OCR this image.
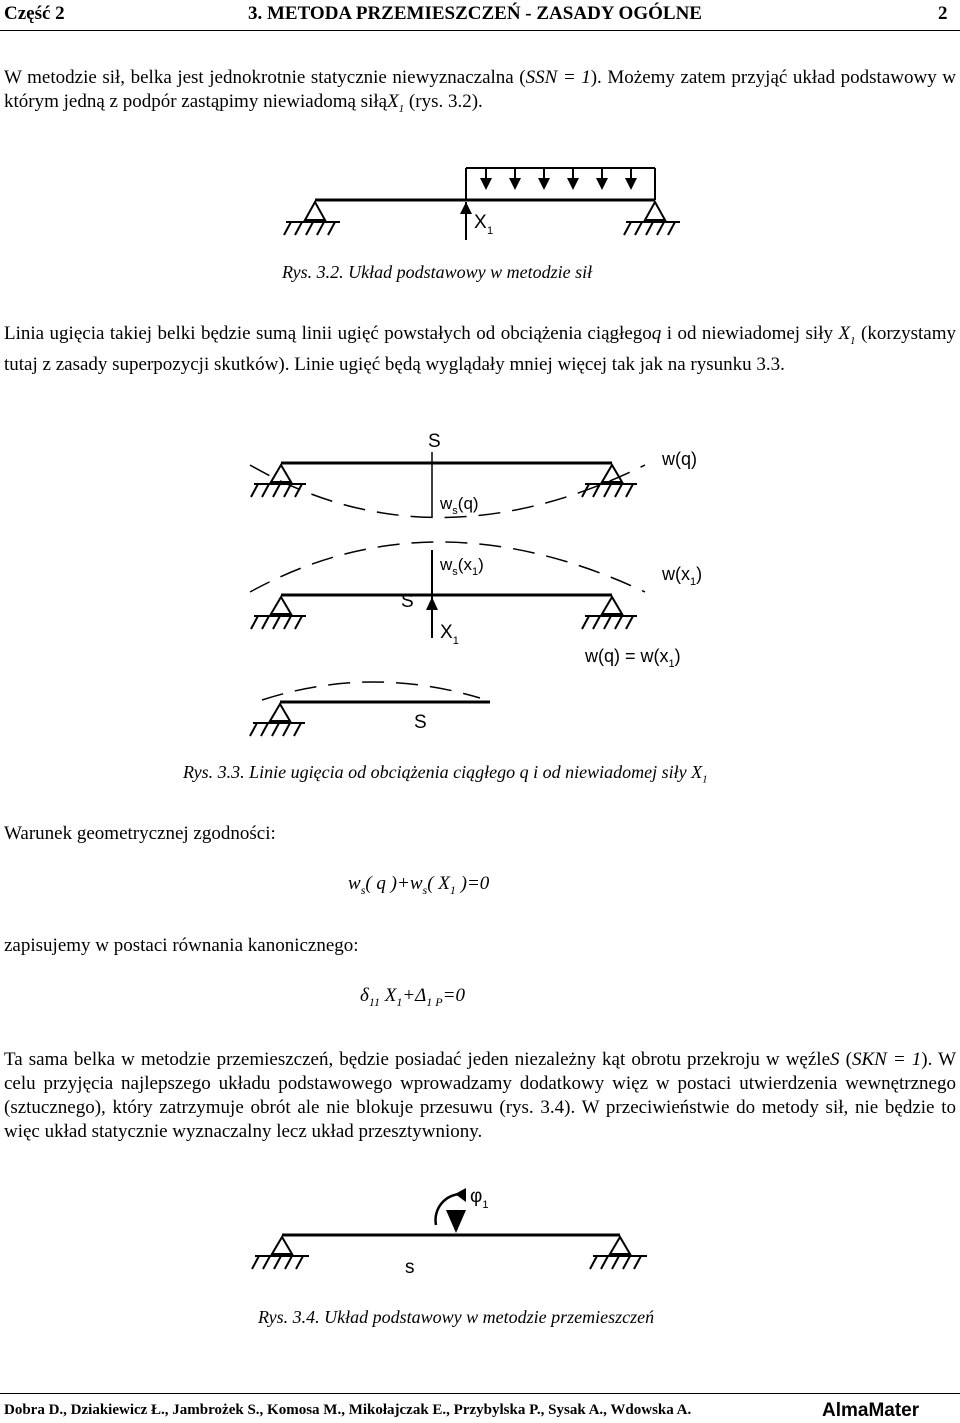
Część 2	3. METODA PRZEMIESZCZEŃ - ZASADY OGÓLNE	2
W metodzie sił, belka jest jednokrotnie statycznie niewyznaczalna (SSN = 1). Możemy zatem przyjąć układ podstawowy w którym jedną z podpór zastąpimy niewiadomą siłąX$_1$ (rys. 3.2).
X 1
Rys. 3.2. Układ podstawowy w metodzie sił
Linia ugięcia takiej belki będzie sumą linii ugięć powstałych od obciążenia ciągłegoq i od niewiadomej siły $X_1$ (korzystamy tutaj z zasady superpozycji skutków). Linie ugięć będą wyglądały mniej więcej tak jak na rysunku 3.3.
S
$w_s(q)$
w(q)
$w_s(x_1)$	$w(x_1)$
S
$X_1$
$w(q) = w(x_1)$
S
Rys. 3.3. Linie ugięcia od obciążenia ciągłego q i od niewiadomej siły $X_1$
Warunek geometrycznej zgodności:
$w_s$( q )$+w_s$( $X_1$ )=0
zapisujemy w postaci równania kanonicznego:
$\delta_{11}$ $X_1+\Delta_{1 P}=0$
Ta sama belka w metodzie przemieszczeń, będzie posiadać jeden niezależny kąt obrotu przekroju w węźleS (SKN = 1). W celu przyjęcia najlepszego układu podstawowego wprowadzamy dodatkowy więz w postaci utwierdzenia wewnętrznego (sztucznego), który zatrzymuje obrót ale nie blokuje przesuwu (rys. 3.4). W przeciwieństwie do metody sił, nie będzie to więc układ statycznie wyznaczalny lecz układ przesztywniony.
$\varphi_1$
s
Rys. 3.4. Układ podstawowy w metodzie przemieszczeń
Dobra D., Dziakiewicz Ł., Jambrożek S., Komosa M., Mikołajczak E., Przybylska P., Sysak A., Wdowska A.	AlmaMater
